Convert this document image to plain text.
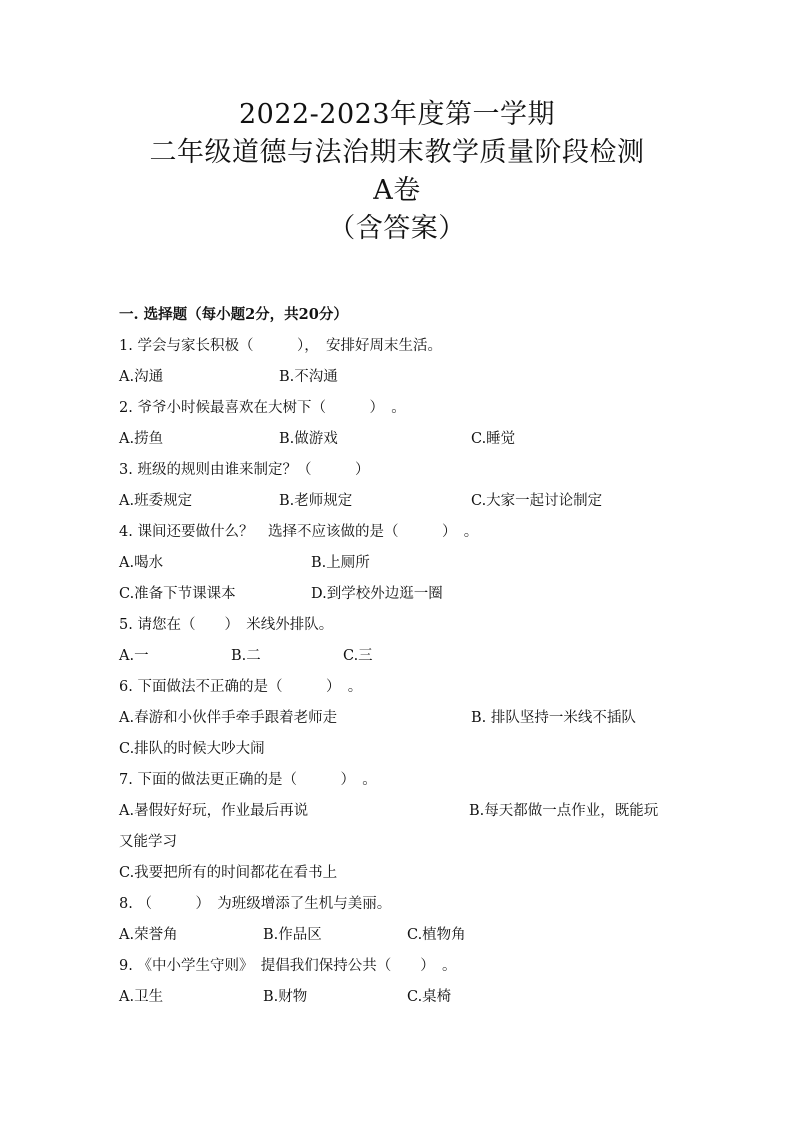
2022-2023年度第一学期
二年级道德与法治期末教学质量阶段检测
A卷
（含答案）
一. 选择题（每小题2分，共20分）
1. 学会与家长积极（　　　），　安排好周末生活。
A.沟通	B.不沟通
2. 爷爷小时候最喜欢在大树下（　　　）　。
A.捞鱼	B.做游戏	C.睡觉
3. 班级的规则由谁来制定？（　　　）
A.班委规定	B.老师规定	C.大家一起讨论制定
4. 课间还要做什么？　选择不应该做的是（　　　）　。
A.喝水	B.上厕所
C.准备下节课课本	D.到学校外边逛一圈
5. 请您在（　　）　米线外排队。
A.一	B.二	C.三
6. 下面做法不正确的是（　　　）　。
A.春游和小伙伴手牵手跟着老师走	B. 排队坚持一米线不插队
C.排队的时候大吵大闹
7. 下面的做法更正确的是（　　　）　。
A.暑假好好玩，作业最后再说	B.每天都做一点作业，既能玩
又能学习
C.我要把所有的时间都花在看书上
8. （　　　）　为班级增添了生机与美丽。
A.荣誉角	B.作品区	C.植物角
9. 《中小学生守则》　提倡我们保持公共（　　）　。
A.卫生	B.财物	C.桌椅
